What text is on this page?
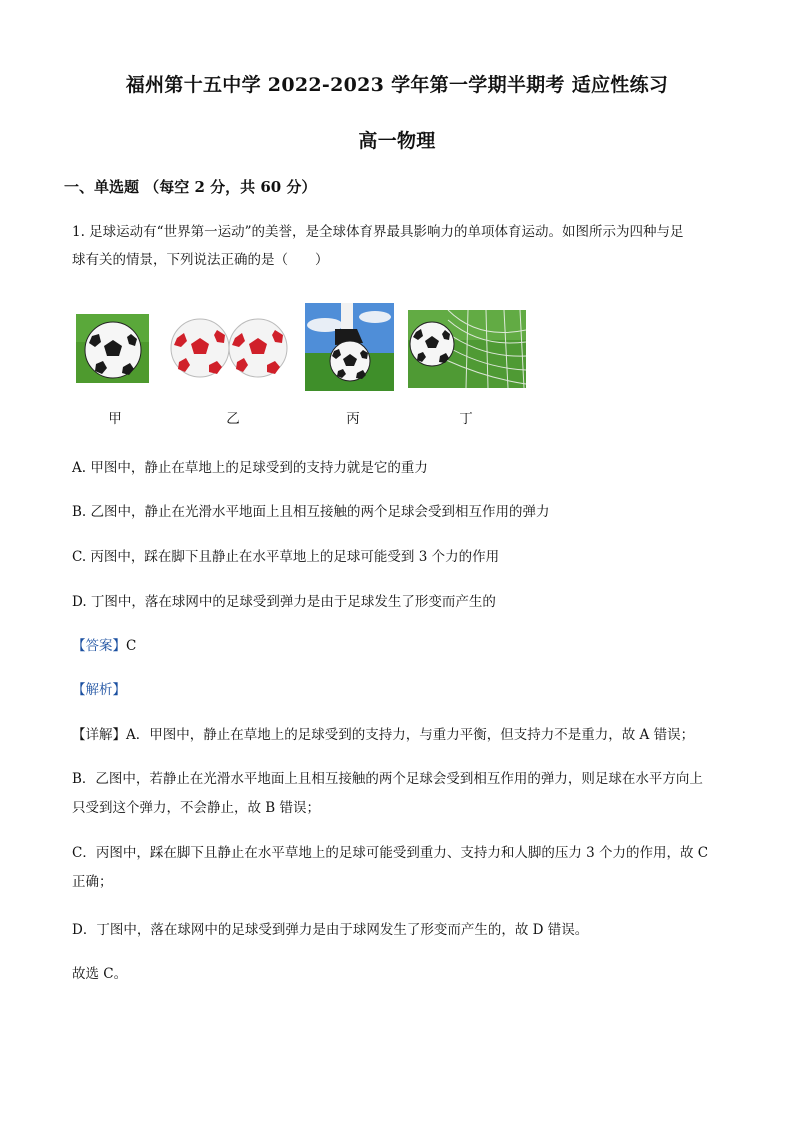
福州第十五中学 2022-2023 学年第一学期半期考 适应性练习
高一物理
一、单选题 （每空 2 分，共 60 分）
1. 足球运动有“世界第一运动”的美誉，是全球体育界最具影响力的单项体育运动。如图所示为四种与足
球有关的情景，下列说法正确的是（　　）
甲	乙	丙	丁
A. 甲图中，静止在草地上的足球受到的支持力就是它的重力
B. 乙图中，静止在光滑水平地面上且相互接触的两个足球会受到相互作用的弹力
C. 丙图中，踩在脚下且静止在水平草地上的足球可能受到 3 个力的作用
D. 丁图中，落在球网中的足球受到弹力是由于足球发生了形变而产生的
【答案】C
【解析】
【详解】A．甲图中，静止在草地上的足球受到的支持力，与重力平衡，但支持力不是重力，故 A 错误；
B．乙图中，若静止在光滑水平地面上且相互接触的两个足球会受到相互作用的弹力，则足球在水平方向上
只受到这个弹力，不会静止，故 B 错误；
C．丙图中，踩在脚下且静止在水平草地上的足球可能受到重力、支持力和人脚的压力 3 个力的作用，故 C
正确；
D．丁图中，落在球网中的足球受到弹力是由于球网发生了形变而产生的，故 D 错误。
故选 C。
